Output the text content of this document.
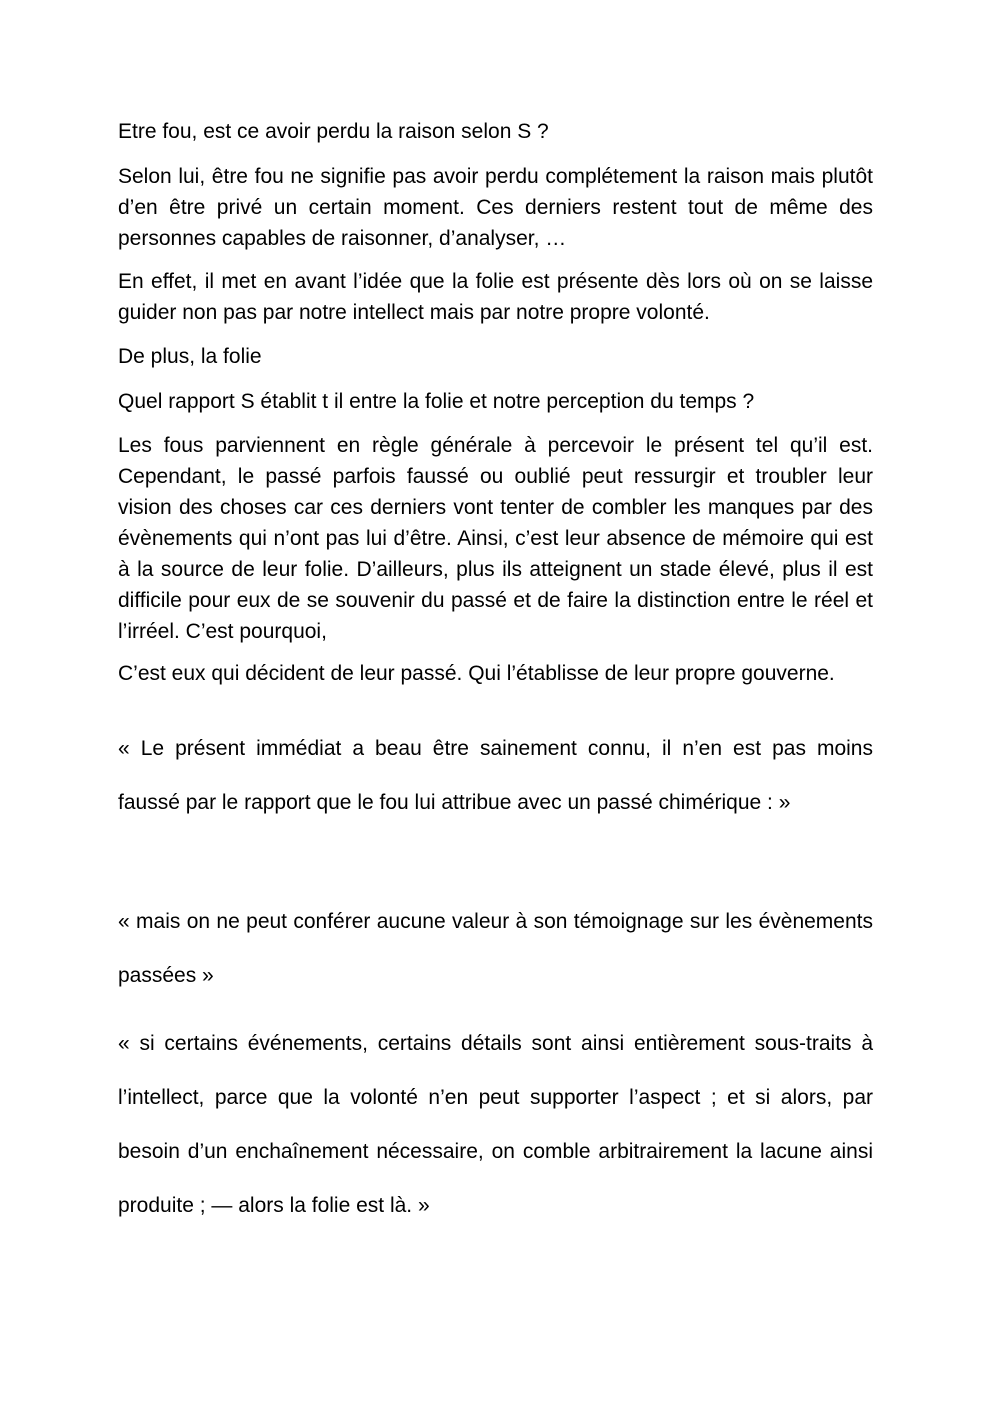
Etre fou, est ce avoir perdu la raison selon S ?

Selon lui, être fou ne signifie pas avoir perdu complétement la raison mais plutôt d’en être privé un certain moment. Ces derniers restent tout de même des personnes capables de raisonner, d’analyser, …

En effet, il met en avant l’idée que la folie est présente dès lors où on se laisse guider non pas par notre intellect mais par notre propre volonté.

De plus, la folie

Quel rapport S établit t il entre la folie et notre perception du temps ?

Les fous parviennent en règle générale à percevoir le présent tel qu’il est. Cependant, le passé parfois faussé ou oublié peut ressurgir et troubler leur vision des choses car ces derniers vont tenter de combler les manques par des évènements qui n’ont pas lui d’être. Ainsi, c’est leur absence de mémoire qui est à la source de leur folie. D’ailleurs, plus ils atteignent un stade élevé, plus il est difficile pour eux de se souvenir du passé et de faire la distinction entre le réel et l’irréel. C’est pourquoi,

C’est eux qui décident de leur passé. Qui l’établisse de leur propre gouverne.

« Le présent immédiat a beau être sainement connu, il n’en est pas moins faussé par le rapport que le fou lui attribue avec un passé chimérique : »

« mais on ne peut conférer aucune valeur à son témoignage sur les évènements passées »

« si certains événements, certains détails sont ainsi entièrement sous-traits à l’intellect, parce que la volonté n’en peut supporter l’aspect ; et si alors, par besoin d’un enchaînement nécessaire, on comble arbitrairement la lacune ainsi produite ; — alors la folie est là. »
